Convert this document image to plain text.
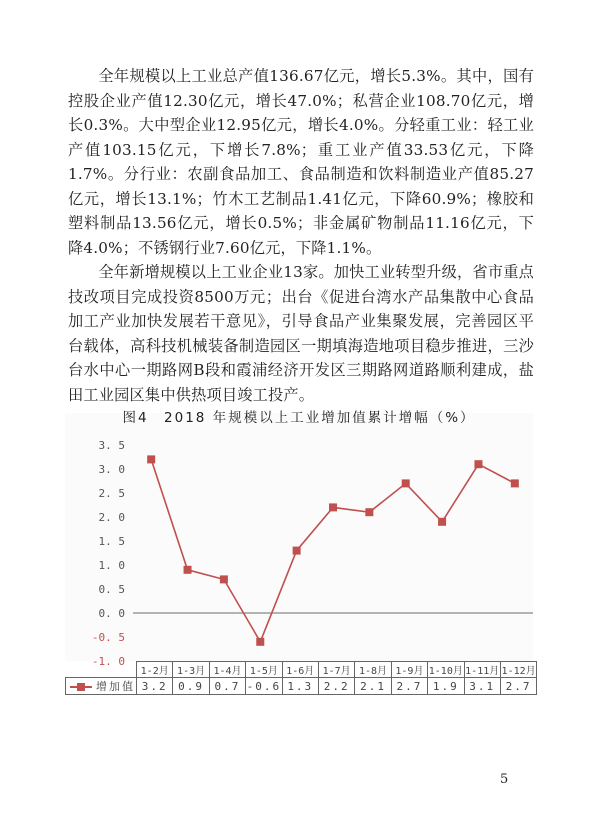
全年规模以上工业总产值136.67亿元，增长5.3%。其中，国有控股企业产值12.30亿元，增长47.0%；私营企业108.70亿元，增长0.3%。大中型企业12.95亿元，增长4.0%。分轻重工业：轻工业产值103.15亿元，下增长7.8%；重工业产值33.53亿元，下降1.7%。分行业：农副食品加工、食品制造和饮料制造业产值85.27亿元，增长13.1%；竹木工艺制品1.41亿元，下降60.9%；橡胶和塑料制品13.56亿元，增长0.5%；非金属矿物制品11.16亿元，下降4.0%；不锈钢行业7.60亿元，下降1.1%。

全年新增规模以上工业企业13家。加快工业转型升级，省市重点技改项目完成投资8500万元；出台《促进台湾水产品集散中心食品加工产业加快发展若干意见》，引导食品产业集聚发展，完善园区平台载体，高科技机械装备制造园区一期填海造地项目稳步推进，三沙台水中心一期路网B段和霞浦经济开发区三期路网道路顺利建成，盐田工业园区集中供热项目竣工投产。

图4　2018 年规模以上工业增加值累计增幅（%）
3. 5
3. 0
2. 5
2. 0
1. 5
1. 0
0. 5
0. 0
-0. 5
-1. 0
	1-2月	1-3月	1-4月	1-5月	1-6月	1-7月	1-8月	1-9月	1-10月	1-11月	1-12月
增加值	3.2	0.9	0.7	-0.6	1.3	2.2	2.1	2.7	1.9	3.1	2.7
5
